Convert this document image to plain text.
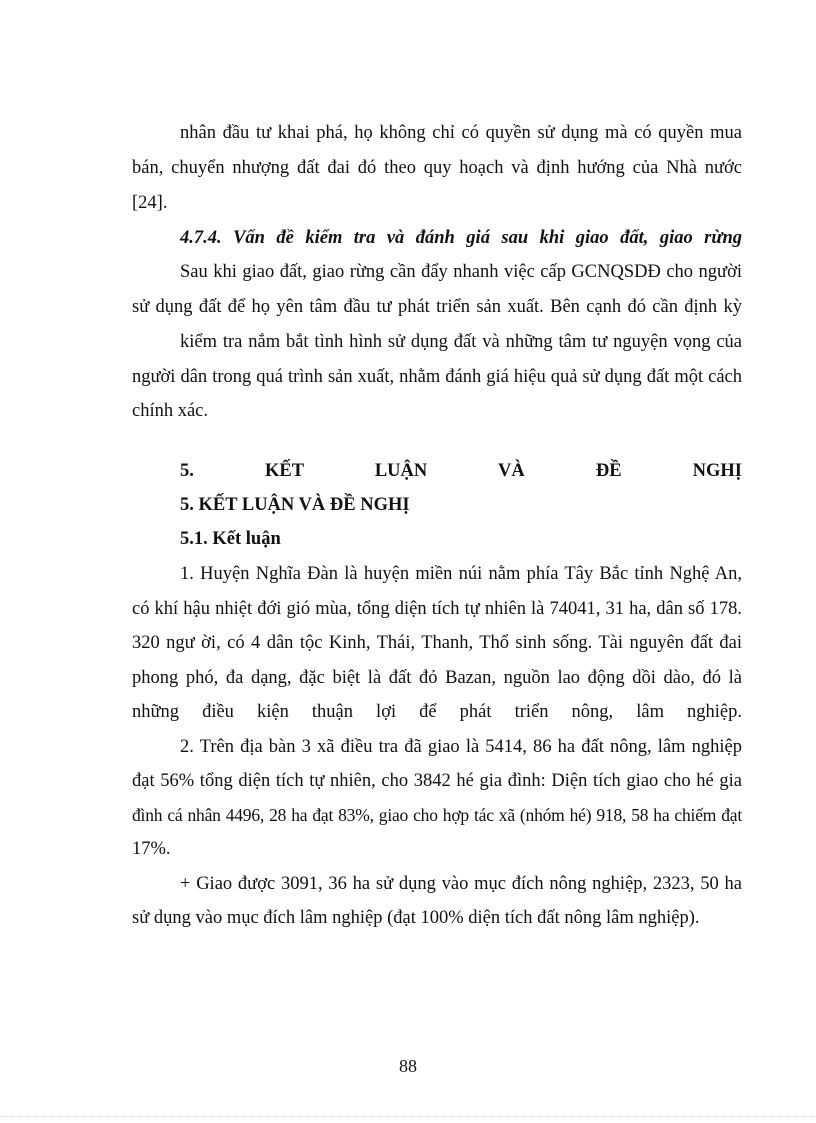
nhân đầu tư khai phá, họ không chỉ có quyền sử dụng mà có quyền mua
bán, chuyển nhượng đất đai đó theo quy hoạch và định hướng của Nhà nước
[24].
4.7.4. Vấn đề kiểm tra và đánh giá sau khi giao đất, giao rừng
Sau khi giao đất, giao rừng cần đẩy nhanh việc cấp GCNQSDĐ cho người
sử dụng đất để họ yên tâm đầu tư phát triển sản xuất. Bên cạnh đó cần định kỳ
kiểm tra nắm bắt tình hình sử dụng đất và những tâm tư nguyện vọng của
người dân trong quá trình sản xuất, nhằm đánh giá hiệu quả sử dụng đất một cách
chính xác.
5. KẾT LUẬN VÀ ĐỀ NGHỊ
5. KẾT LUẬN VÀ ĐỀ NGHỊ
5.1. Kết luận
1. Huyện Nghĩa Đàn là huyện miền núi nằm phía Tây Bắc tỉnh Nghệ An,
có khí hậu nhiệt đới gió mùa, tổng diện tích tự nhiên là 74041, 31 ha, dân số 178.
320 ngư ời, có 4 dân tộc Kinh, Thái, Thanh, Thổ sinh sống. Tài nguyên đất đai
phong phó, đa dạng, đặc biệt là đất đỏ Bazan, nguồn lao động dồi dào, đó là
những điều kiện thuận lợi để phát triển nông, lâm nghiệp.
2. Trên địa bàn 3 xã điều tra đã giao là 5414, 86 ha đất nông, lâm nghiệp
đạt 56% tổng diện tích tự nhiên, cho 3842 hé gia đình: Diện tích giao cho hé gia
đình cá nhân 4496, 28 ha đạt 83%, giao cho hợp tác xã (nhóm hé) 918, 58 ha chiếm đạt
17%.
+ Giao được 3091, 36 ha sử dụng vào mục đích nông nghiệp, 2323, 50 ha
sử dụng vào mục đích lâm nghiệp (đạt 100% diện tích đất nông lâm nghiệp).
88
